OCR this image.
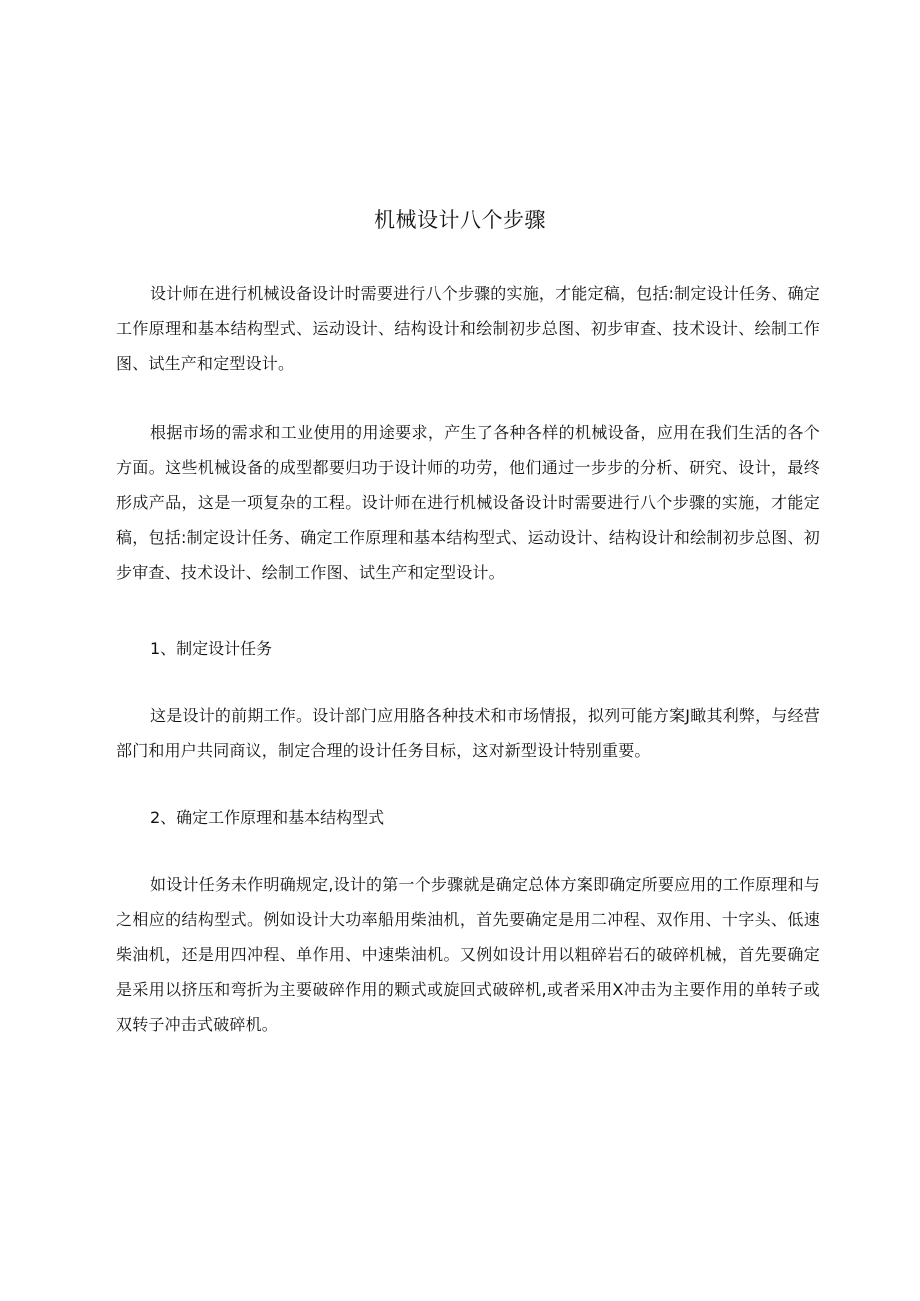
机械设计八个步骤

设计师在进行机械设备设计时需要进行八个步骤的实施，才能定稿，包括:制定设计任务、确定工作原理和基本结构型式、运动设计、结构设计和绘制初步总图、初步审查、技术设计、绘制工作图、试生产和定型设计。

根据市场的需求和工业使用的用途要求，产生了各种各样的机械设备，应用在我们生活的各个方面。这些机械设备的成型都要归功于设计师的功劳，他们通过一步步的分析、研究、设计，最终形成产品，这是一项复杂的工程。设计师在进行机械设备设计时需要进行八个步骤的实施，才能定稿，包括:制定设计任务、确定工作原理和基本结构型式、运动设计、结构设计和绘制初步总图、初步审查、技术设计、绘制工作图、试生产和定型设计。

1、制定设计任务

这是设计的前期工作。设计部门应用胳各种技术和市场情报，拟列可能方案J瞰其利弊，与经营部门和用户共同商议，制定合理的设计任务目标，这对新型设计特别重要。

2、确定工作原理和基本结构型式

如设计任务未作明确规定,设计的第一个步骤就是确定总体方案即确定所要应用的工作原理和与之相应的结构型式。例如设计大功率船用柴油机，首先要确定是用二冲程、双作用、十字头、低速柴油机，还是用四冲程、单作用、中速柴油机。又例如设计用以粗碎岩石的破碎机械，首先要确定是采用以挤压和弯折为主要破碎作用的颗式或旋回式破碎机,或者采用X冲击为主要作用的单转子或双转子冲击式破碎机。
